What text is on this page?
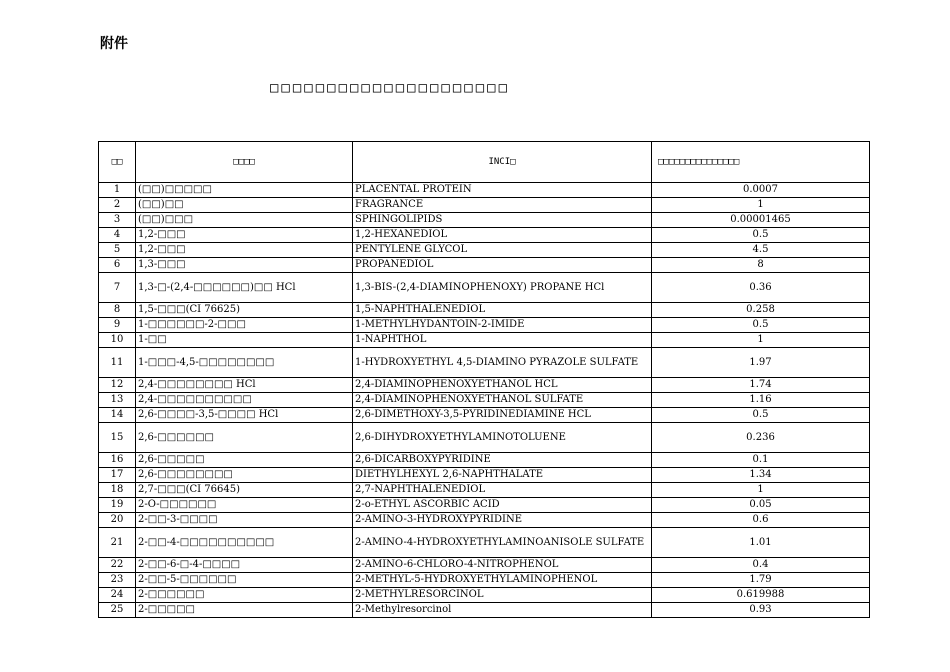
附件
□□□□□□□□□□□□□□□□□□□□□
□□	□□□□	INCI□	□□□□□□□□□□□□□□□
1	(□□)□□□□□	PLACENTAL PROTEIN	0.0007
2	(□□)□□	FRAGRANCE	1
3	(□□)□□□	SPHINGOLIPIDS	0.00001465
4	1,2-□□□	1,2-HEXANEDIOL	0.5
5	1,2-□□□	PENTYLENE GLYCOL	4.5
6	1,3-□□□	PROPANEDIOL	8
7	1,3-□-(2,4-□□□□□□)□□ HCl	1,3-BIS-(2,4-DIAMINOPHENOXY) PROPANE HCl	0.36
8	1,5-□□□(CI 76625)	1,5-NAPHTHALENEDIOL	0.258
9	1-□□□□□□-2-□□□	1-METHYLHYDANTOIN-2-IMIDE	0.5
10	1-□□	1-NAPHTHOL	1
11	1-□□□-4,5-□□□□□□□□	1-HYDROXYETHYL 4,5-DIAMINO PYRAZOLE SULFATE	1.97
12	2,4-□□□□□□□□ HCl	2,4-DIAMINOPHENOXYETHANOL HCL	1.74
13	2,4-□□□□□□□□□□	2,4-DIAMINOPHENOXYETHANOL SULFATE	1.16
14	2,6-□□□□-3,5-□□□□ HCl	2,6-DIMETHOXY-3,5-PYRIDINEDIAMINE HCL	0.5
15	2,6-□□□□□□	2,6-DIHYDROXYETHYLAMINOTOLUENE	0.236
16	2,6-□□□□□	2,6-DICARBOXYPYRIDINE	0.1
17	2,6-□□□□□□□□	DIETHYLHEXYL 2,6-NAPHTHALATE	1.34
18	2,7-□□□(CI 76645)	2,7-NAPHTHALENEDIOL	1
19	2-O-□□□□□□	2-o-ETHYL ASCORBIC ACID	0.05
20	2-□□-3-□□□□	2-AMINO-3-HYDROXYPYRIDINE	0.6
21	2-□□-4-□□□□□□□□□□	2-AMINO-4-HYDROXYETHYLAMINOANISOLE SULFATE	1.01
22	2-□□-6-□-4-□□□□	2-AMINO-6-CHLORO-4-NITROPHENOL	0.4
23	2-□□-5-□□□□□□	2-METHYL-5-HYDROXYETHYLAMINOPHENOL	1.79
24	2-□□□□□□	2-METHYLRESORCINOL	0.619988
25	2-□□□□□	2-Methylresorcinol	0.93
